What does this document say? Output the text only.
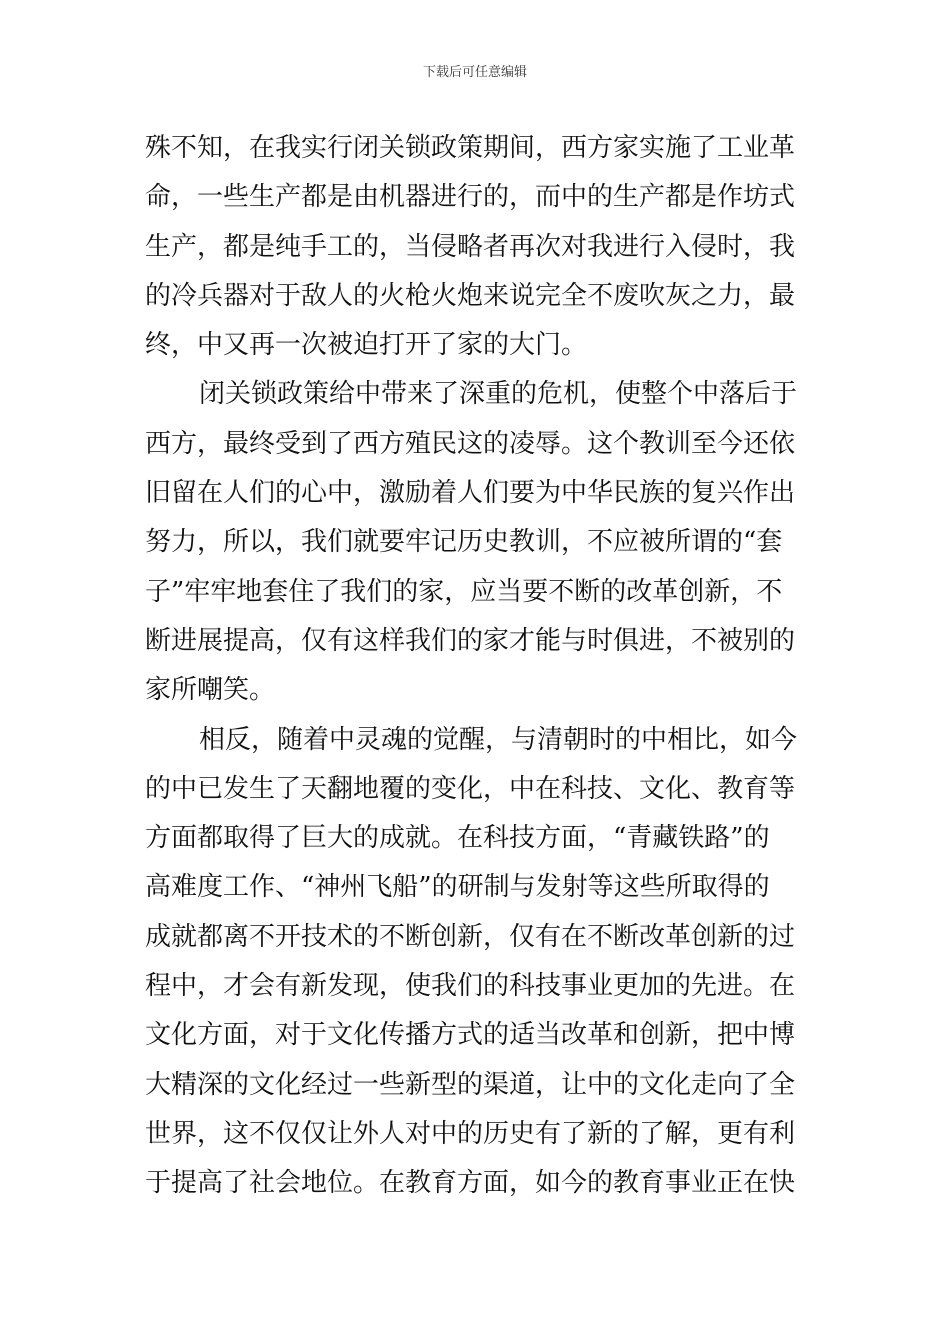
下载后可任意编辑
殊不知，在我实行闭关锁政策期间，西方家实施了工业革
命，一些生产都是由机器进行的，而中的生产都是作坊式
生产，都是纯手工的，当侵略者再次对我进行入侵时，我
的冷兵器对于敌人的火枪火炮来说完全不废吹灰之力，最
终，中又再一次被迫打开了家的大门。
闭关锁政策给中带来了深重的危机，使整个中落后于
西方，最终受到了西方殖民这的凌辱。这个教训至今还依
旧留在人们的心中，激励着人们要为中华民族的复兴作出
努力，所以，我们就要牢记历史教训，不应被所谓的“套
子”牢牢地套住了我们的家，应当要不断的改革创新，不
断进展提高，仅有这样我们的家才能与时俱进，不被别的
家所嘲笑。
相反，随着中灵魂的觉醒，与清朝时的中相比，如今
的中已发生了天翻地覆的变化，中在科技、文化、教育等
方面都取得了巨大的成就。在科技方面，“青藏铁路”的
高难度工作、“神州飞船”的研制与发射等这些所取得的
成就都离不开技术的不断创新，仅有在不断改革创新的过
程中，才会有新发现，使我们的科技事业更加的先进。在
文化方面，对于文化传播方式的适当改革和创新，把中博
大精深的文化经过一些新型的渠道，让中的文化走向了全
世界，这不仅仅让外人对中的历史有了新的了解，更有利
于提高了社会地位。在教育方面，如今的教育事业正在快
